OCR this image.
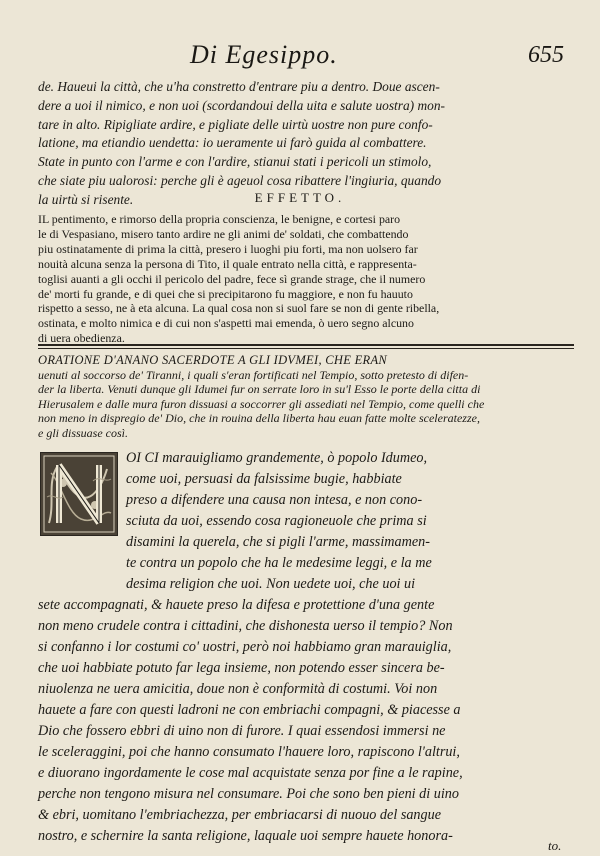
Di Egesippo.	655
de. Haueui la città, che u'ha constretto d'entrare piu a dentro. Doue ascen-
dere a uoi il nimico, e non uoi (scordandoui della uita e salute uostra) mon-
tare in alto. Ripigliate ardire, e pigliate delle uirtù uostre non pure confo-
latione, ma etiandio uendetta: io ueramente ui farò guida al combattere.
State in punto con l'arme e con l'ardire, stianui stati i pericoli un stimolo,
che siate piu ualorosi: perche gli è ageuol cosa ribattere l'ingiuria, quando
la uirtù si risente.	EFFETTO.
IL pentimento, e rimorso della propria conscienza, le benigne, e cortesi paro
le di Vespasiano, misero tanto ardire ne gli animi de' soldati, che combattendo
piu ostinatamente di prima la città, presero i luoghi piu forti, ma non uolsero far
nouità alcuna senza la persona di Tito, il quale entrato nella città, e rappresenta-
toglisi auanti a gli occhi il pericolo del padre, fece sì grande strage, che il numero
de' morti fu grande, e di quei che si precipitarono fu maggiore, e non fu hauuto
rispetto a sesso, ne à eta alcuna. La qual cosa non si suol fare se non di gente ribella,
ostinata, e molto nimica e di cui non s'aspetti mai emenda, ò uero segno alcuno
di uera obedienza.
ORATIONE D'ANANO SACERDOTE A GLI IDVMEI, CHE ERAN
uenuti al soccorso de' Tiranni, i quali s'eran fortificati nel Tempio, sotto pretesto di difen-
der la liberta. Venuti dunque gli Idumei fur on serrate loro in su'l Esso le porte della citta di
Hierusalem e dalle mura furon dissuasi a soccorrer gli assediati nel Tempio, come quelli che
non meno in dispregio de' Dio, che in rouina della liberta hau euan fatte molte sceleratezze,
e gli dissuase così.
OI CI marauigliamo grandemente, ò popolo Idumeo,
come uoi, persuasi da falsissime bugie, habbiate
preso a difendere una causa non intesa, e non cono-
sciuta da uoi, essendo cosa ragioneuole che prima si
disamini la querela, che si pigli l'arme, massimamen-
te contra un popolo che ha le medesime leggi, e la me
desima religion che uoi. Non uedete uoi, che uoi ui
sete accompagnati, & hauete preso la difesa e protettione d'una gente
non meno crudele contra i cittadini, che dishonesta uerso il tempio? Non
si confanno i lor costumi co' uostri, però noi habbiamo gran marauiglia,
che uoi habbiate potuto far lega insieme, non potendo esser sincera be-
niuolenza ne uera amicitia, doue non è conformità di costumi. Voi non
hauete a fare con questi ladroni ne con embriachi compagni, & piacesse a
Dio che fossero ebbri di uino non di furore. I quai essendosi immersi ne
le sceleraggini, poi che hanno consumato l'hauere loro, rapiscono l'altrui,
e diuorano ingordamente le cose mal acquistate senza por fine a le rapine,
perche non tengono misura nel consumare. Poi che sono ben pieni di uino
& ebri, uomitano l'embriachezza, per embriacarsi di nuouo del sangue
nostro, e schernire la santa religione, laquale uoi sempre hauete honora-
to.
